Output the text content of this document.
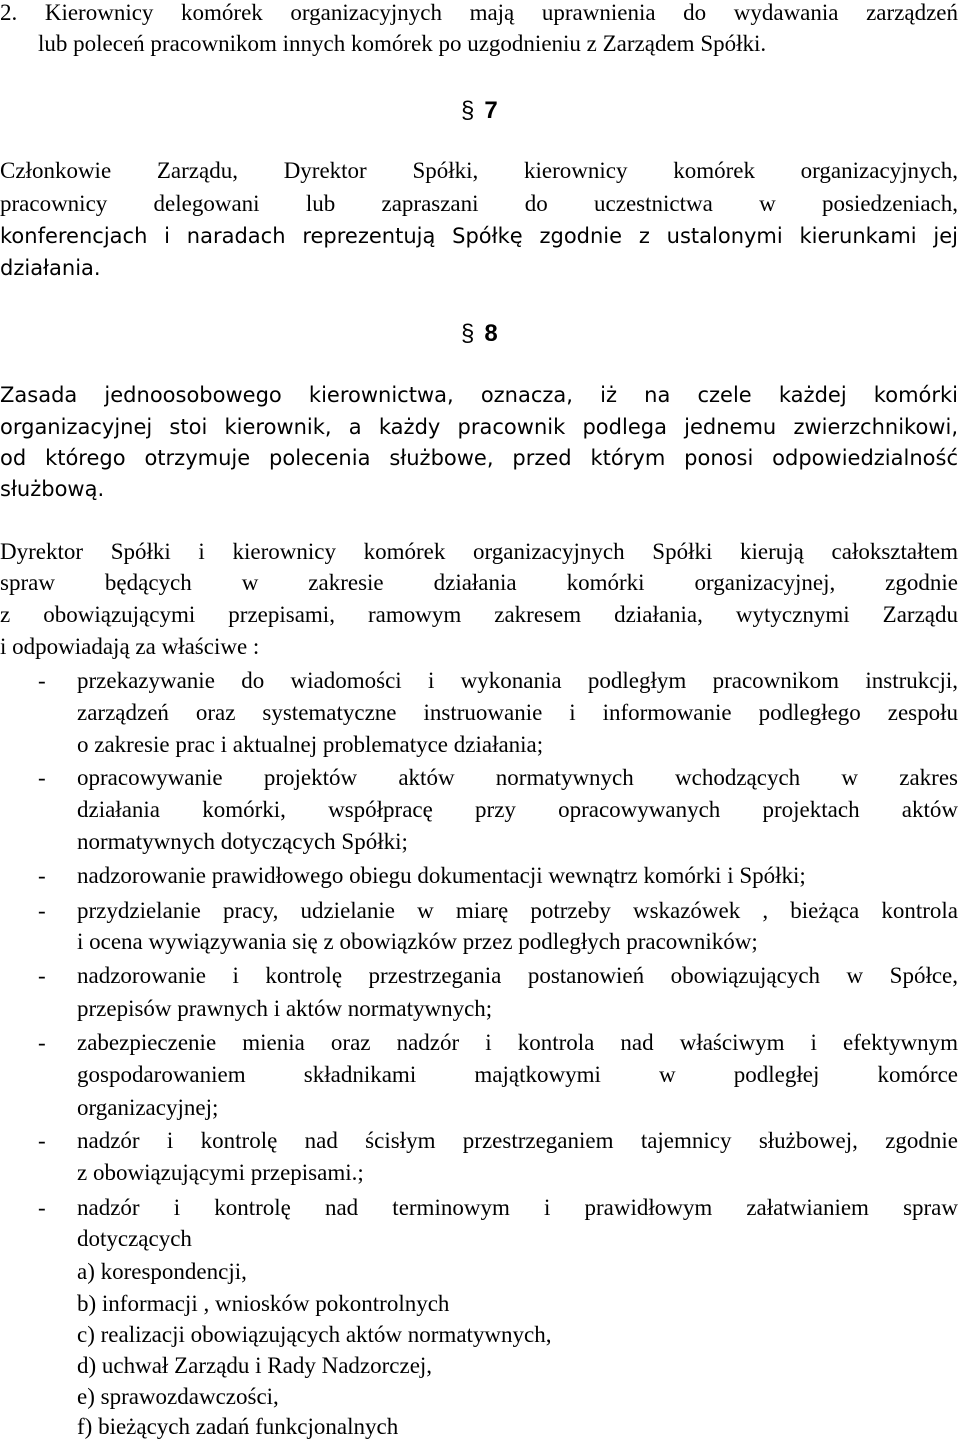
2. Kierownicy komórek organizacyjnych mają uprawnienia do wydawania zarządzeń
lub poleceń pracownikom innych komórek po uzgodnieniu z Zarządem Spółki.
§ 7
Członkowie Zarządu, Dyrektor Spółki, kierownicy komórek organizacyjnych,
pracownicy delegowani lub zapraszani do uczestnictwa w posiedzeniach,
konferencjach i naradach reprezentują Spółkę zgodnie z ustalonymi kierunkami jej
działania.
§ 8
Zasada jednoosobowego kierownictwa, oznacza, iż na czele każdej komórki
organizacyjnej stoi kierownik, a każdy pracownik podlega jednemu zwierzchnikowi,
od którego otrzymuje polecenia służbowe, przed którym ponosi odpowiedzialność
służbową.
Dyrektor Spółki i kierownicy komórek organizacyjnych Spółki kierują całokształtem
spraw będących w zakresie działania komórki organizacyjnej, zgodnie
z obowiązującymi przepisami, ramowym zakresem działania, wytycznymi Zarządu
i odpowiadają za właściwe :
- przekazywanie do wiadomości i wykonania podległym pracownikom instrukcji,
zarządzeń oraz systematyczne instruowanie i informowanie podległego zespołu
o zakresie prac i aktualnej problematyce działania;
- opracowywanie projektów aktów normatywnych wchodzących w zakres
działania komórki, współpracę przy opracowywanych projektach aktów
normatywnych dotyczących Spółki;
- nadzorowanie prawidłowego obiegu dokumentacji wewnątrz komórki i Spółki;
- przydzielanie pracy, udzielanie w miarę potrzeby wskazówek , bieżąca kontrola
i ocena wywiązywania się z obowiązków przez podległych pracowników;
- nadzorowanie i kontrolę przestrzegania postanowień obowiązujących w Spółce,
przepisów prawnych i aktów normatywnych;
- zabezpieczenie mienia oraz nadzór i kontrola nad właściwym i efektywnym
gospodarowaniem składnikami majątkowymi w podległej komórce
organizacyjnej;
- nadzór i kontrolę nad ścisłym przestrzeganiem tajemnicy służbowej, zgodnie
z obowiązującymi przepisami.;
- nadzór i kontrolę nad terminowym i prawidłowym załatwianiem spraw
dotyczących
a) korespondencji,
b) informacji , wniosków pokontrolnych
c) realizacji obowiązujących aktów normatywnych,
d) uchwał Zarządu i Rady Nadzorczej,
e) sprawozdawczości,
f) bieżących zadań funkcjonalnych
